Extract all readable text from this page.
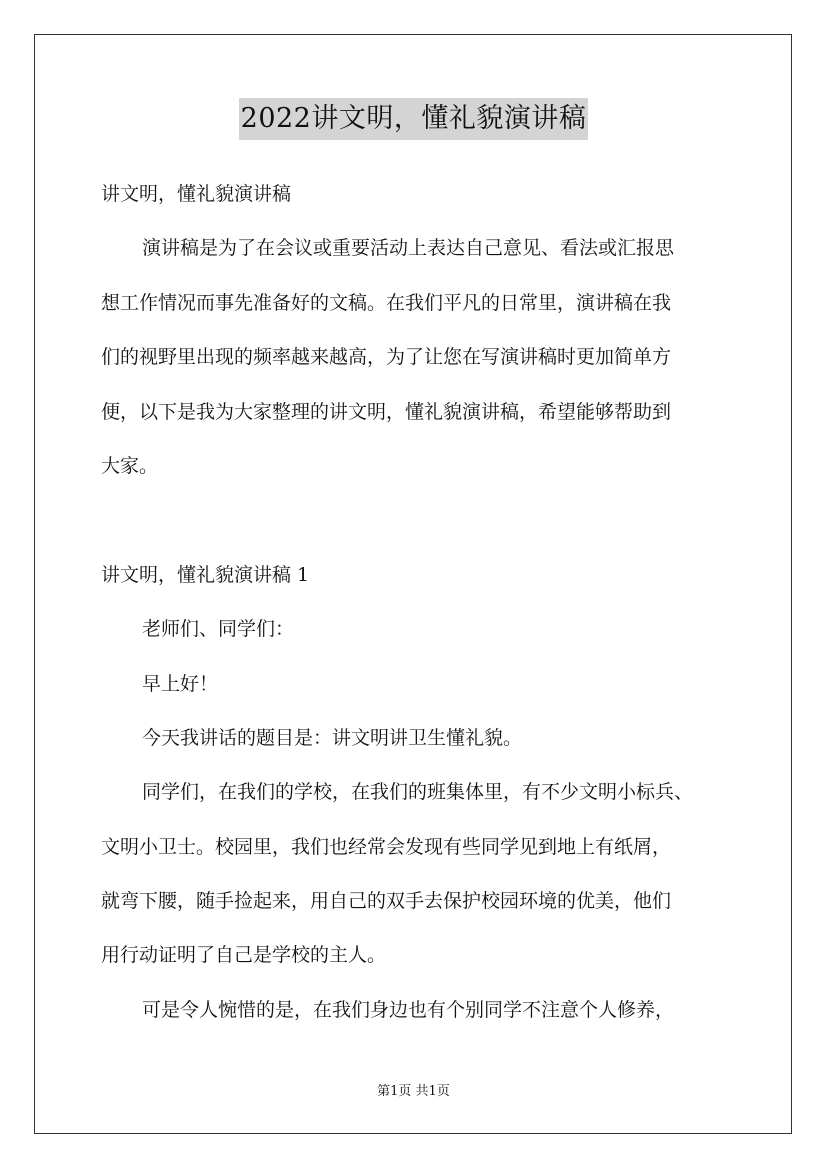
2022讲文明，懂礼貌演讲稿
讲文明，懂礼貌演讲稿
演讲稿是为了在会议或重要活动上表达自己意见、看法或汇报思
想工作情况而事先准备好的文稿。在我们平凡的日常里，演讲稿在我
们的视野里出现的频率越来越高，为了让您在写演讲稿时更加简单方
便，以下是我为大家整理的讲文明，懂礼貌演讲稿，希望能够帮助到
大家。
讲文明，懂礼貌演讲稿 1
老师们、同学们：
早上好！
今天我讲话的题目是：讲文明讲卫生懂礼貌。
同学们，在我们的学校，在我们的班集体里，有不少文明小标兵、
文明小卫士。校园里，我们也经常会发现有些同学见到地上有纸屑，
就弯下腰，随手捡起来，用自己的双手去保护校园环境的优美，他们
用行动证明了自己是学校的主人。
可是令人惋惜的是，在我们身边也有个别同学不注意个人修养，
第1页 共1页
